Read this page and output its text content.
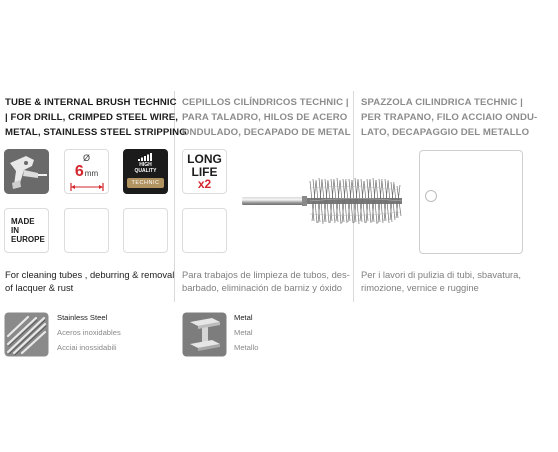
TUBE & INTERNAL BRUSH TECHNIC
| FOR DRILL, CRIMPED STEEL WIRE,
METAL, STAINLESS STEEL STRIPPING
CEPILLOS CILÍNDRICOS TECHNIC |
PARA TALADRO, HILOS DE ACERO
ONDULADO, DECAPADO DE METAL
SPAZZOLA CILINDRICA TECHNIC |
PER TRAPANO, FILO ACCIAIO ONDU-
LATO, DECAPAGGIO DEL METALLO
Ø
6mm
HIGH
QUALITY
TECHNIC
LONG
LIFE
x2
MADE
IN
EUROPE
For cleaning tubes , deburring & removal
of lacquer & rust
Para trabajos de limpieza de tubos, des-
barbado, eliminación de barniz y óxido
Per i lavori di pulizia di tubi, sbavatura,
rimozione, vernice e ruggine
Stainless Steel
Aceros inoxidables
Acciai inossidabili
Metal
Metal
Metallo
